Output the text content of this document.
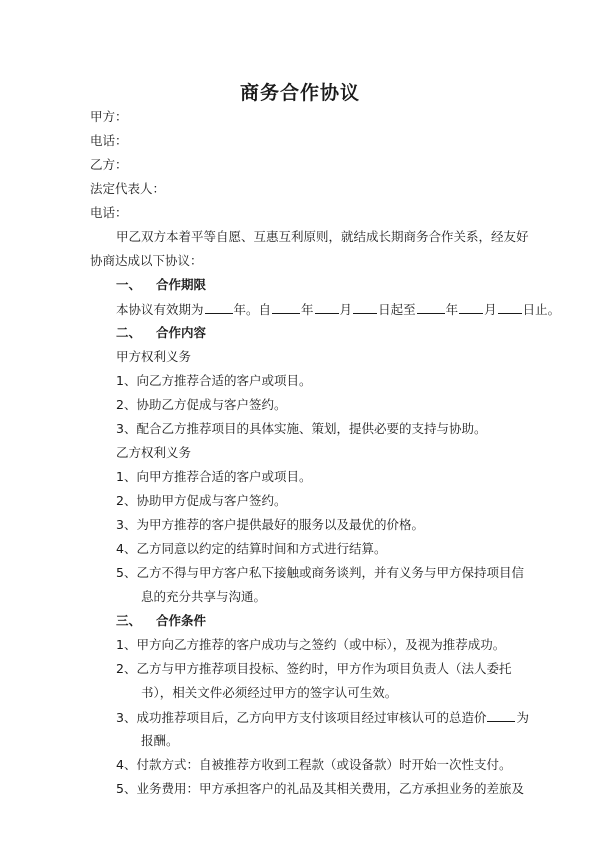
商务合作协议
甲方：
电话：
乙方：
法定代表人：
电话：
甲乙双方本着平等自愿、互惠互利原则，就结成长期商务合作关系，经友好
协商达成以下协议：
一、 合作期限
本协议有效期为 年。自 年 月 日起至 年 月 日止。
二、 合作内容
甲方权利义务
1、向乙方推荐合适的客户或项目。
2、协助乙方促成与客户签约。
3、配合乙方推荐项目的具体实施、策划，提供必要的支持与协助。
乙方权利义务
1、向甲方推荐合适的客户或项目。
2、协助甲方促成与客户签约。
3、为甲方推荐的客户提供最好的服务以及最优的价格。
4、乙方同意以约定的结算时间和方式进行结算。
5、乙方不得与甲方客户私下接触或商务谈判，并有义务与甲方保持项目信
息的充分共享与沟通。
三、 合作条件
1、甲方向乙方推荐的客户成功与之签约（或中标），及视为推荐成功。
2、乙方与甲方推荐项目投标、签约时，甲方作为项目负责人（法人委托
书），相关文件必须经过甲方的签字认可生效。
3、成功推荐项目后，乙方向甲方支付该项目经过审核认可的总造价 为
报酬。
4、付款方式：自被推荐方收到工程款（或设备款）时开始一次性支付。
5、业务费用：甲方承担客户的礼品及其相关费用，乙方承担业务的差旅及
